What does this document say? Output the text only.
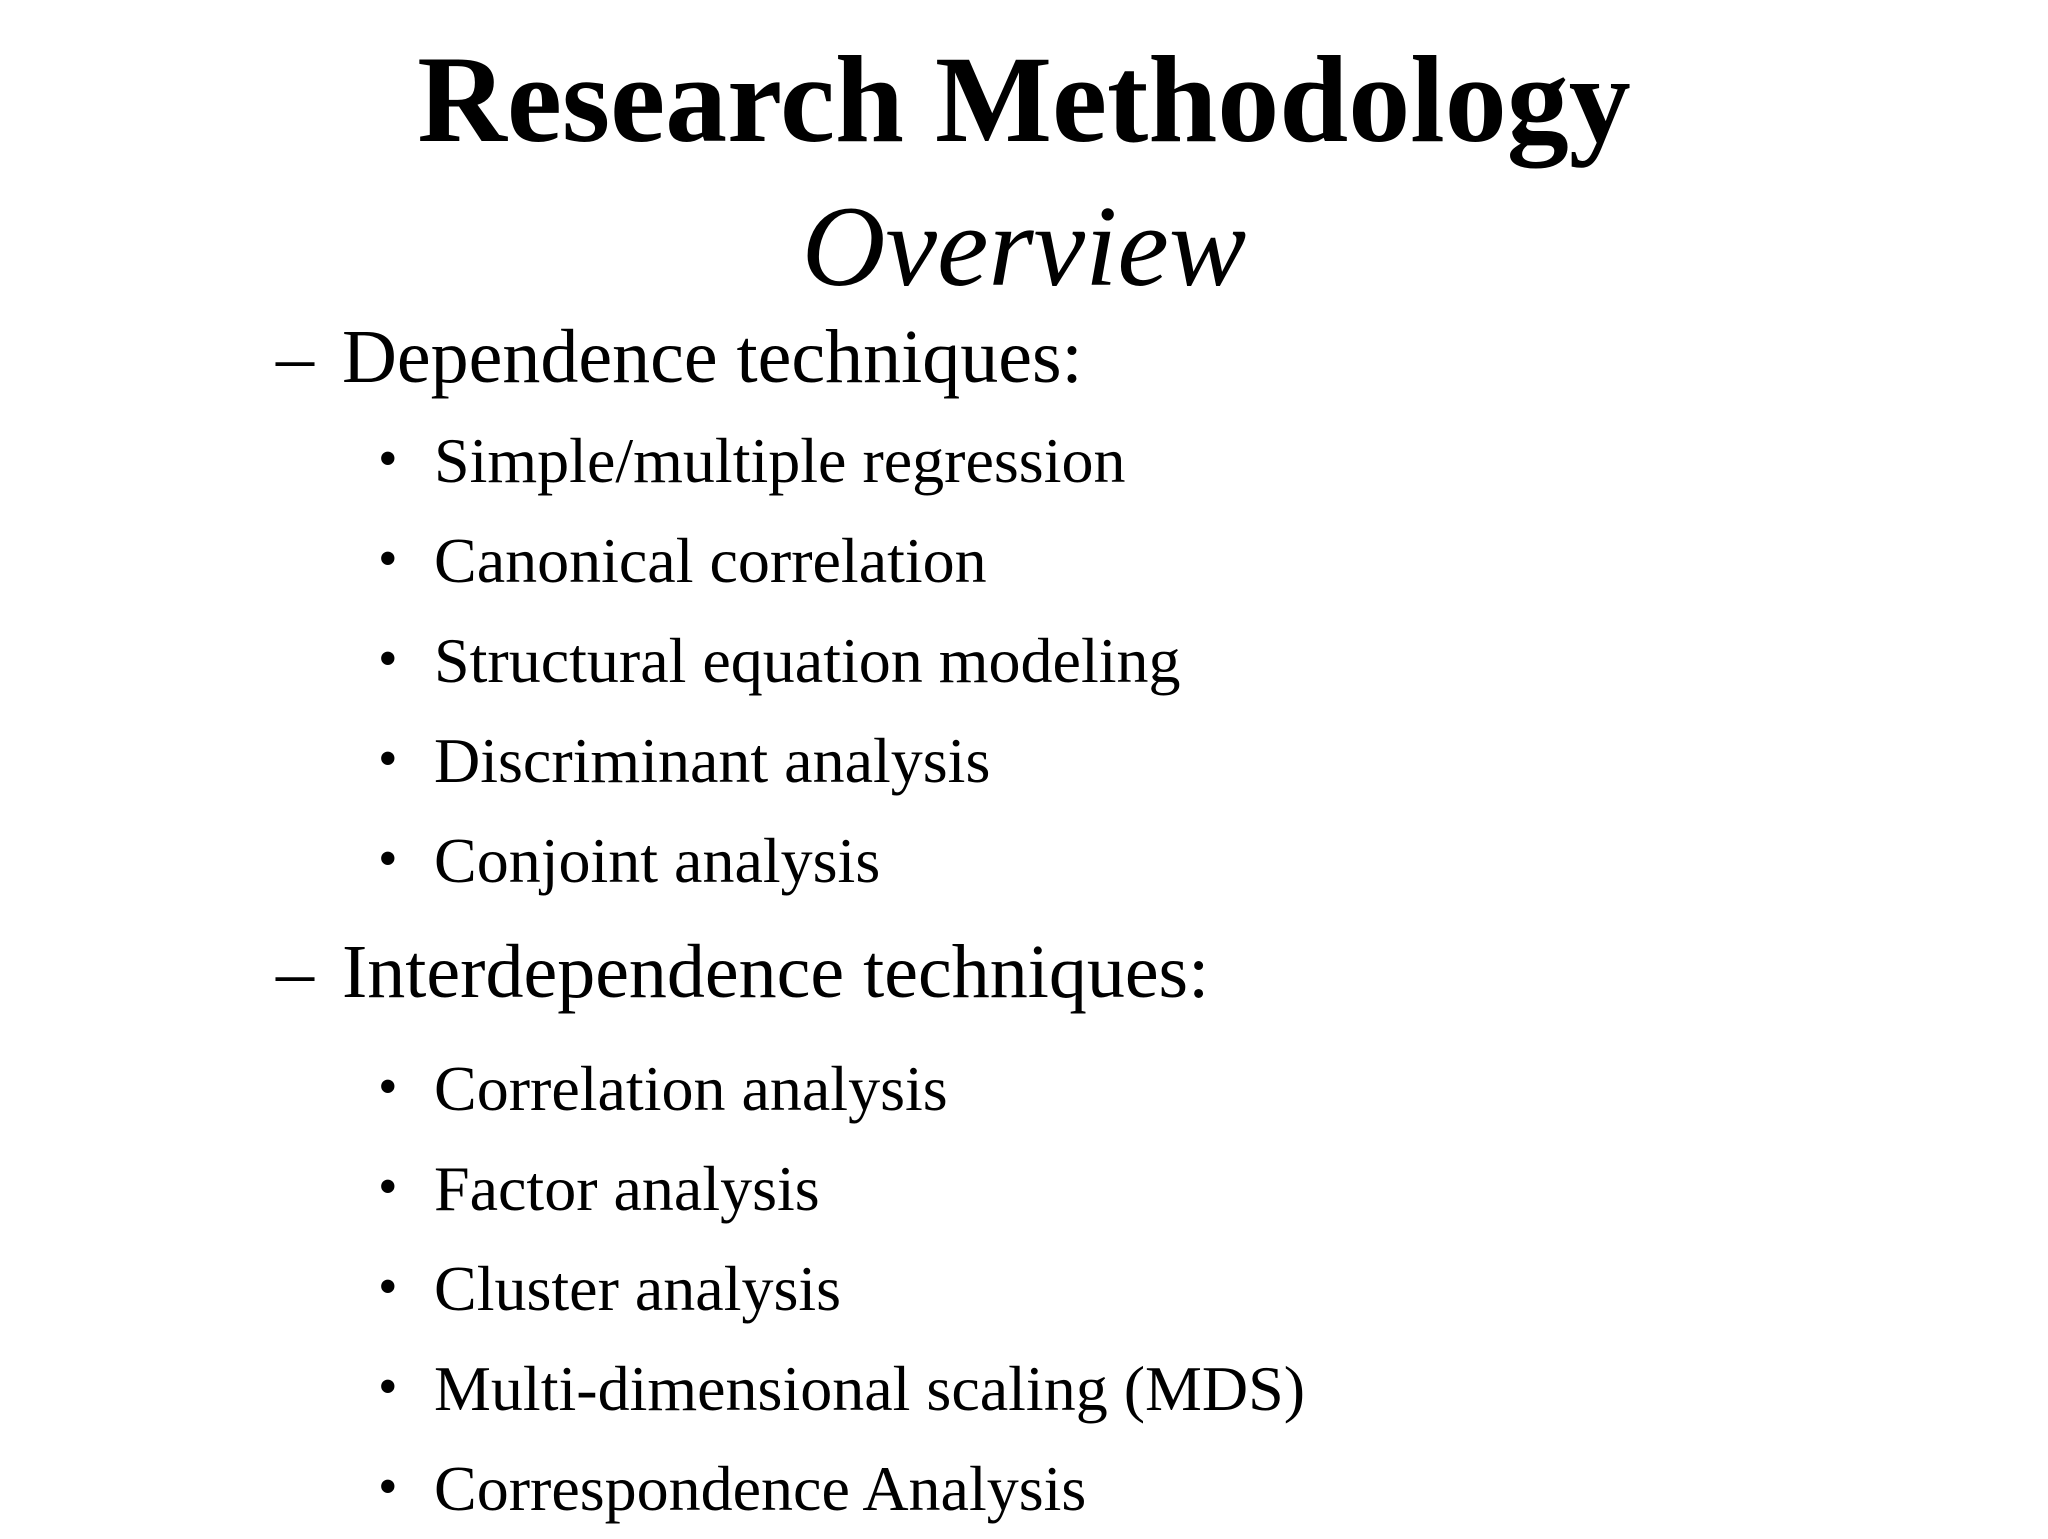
Research Methodology
Overview
– Dependence techniques:
• Simple/multiple regression
• Canonical correlation
• Structural equation modeling
• Discriminant analysis
• Conjoint analysis
– Interdependence techniques:
• Correlation analysis
• Factor analysis
• Cluster analysis
• Multi-dimensional scaling (MDS)
• Correspondence Analysis
